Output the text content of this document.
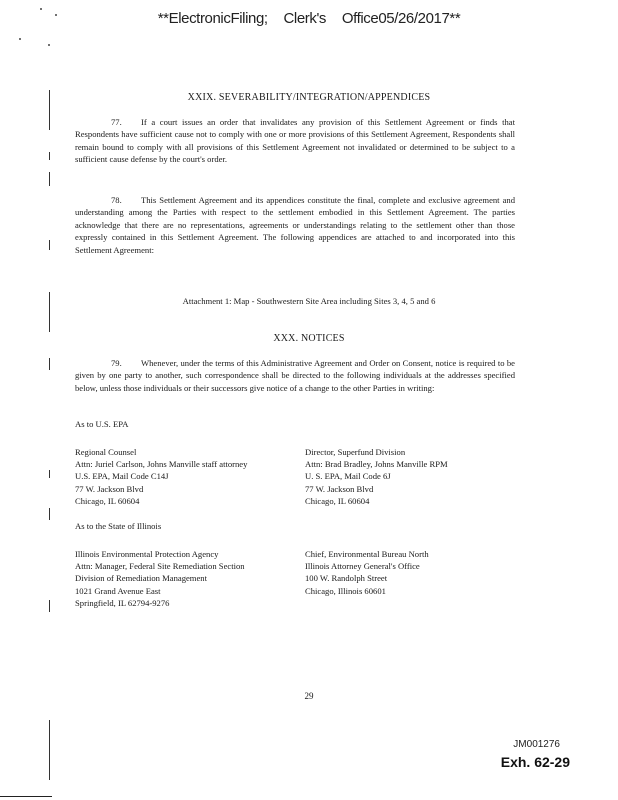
**ElectronicFiling; Clerk's Office05/26/2017**
XXIX. SEVERABILITY/INTEGRATION/APPENDICES
77. If a court issues an order that invalidates any provision of this Settlement Agreement or finds that Respondents have sufficient cause not to comply with one or more provisions of this Settlement Agreement, Respondents shall remain bound to comply with all provisions of this Settlement Agreement not invalidated or determined to be subject to a sufficient cause defense by the court's order.
78. This Settlement Agreement and its appendices constitute the final, complete and exclusive agreement and understanding among the Parties with respect to the settlement embodied in this Settlement Agreement. The parties acknowledge that there are no representations, agreements or understandings relating to the settlement other than those expressly contained in this Settlement Agreement. The following appendices are attached to and incorporated into this Settlement Agreement:
Attachment 1: Map - Southwestern Site Area including Sites 3, 4, 5 and 6
XXX. NOTICES
79. Whenever, under the terms of this Administrative Agreement and Order on Consent, notice is required to be given by one party to another, such correspondence shall be directed to the following individuals at the addresses specified below, unless those individuals or their successors give notice of a change to the other Parties in writing:
As to U.S. EPA
Regional Counsel
Attn: Juriel Carlson, Johns Manville staff attorney
U.S. EPA, Mail Code C14J
77 W. Jackson Blvd
Chicago, IL 60604
Director, Superfund Division
Attn: Brad Bradley, Johns Manville RPM
U. S. EPA, Mail Code 6J
77 W. Jackson Blvd
Chicago, IL 60604
As to the State of Illinois
Illinois Environmental Protection Agency
Attn: Manager, Federal Site Remediation Section
Division of Remediation Management
1021 Grand Avenue East
Springfield, IL 62794-9276
Chief, Environmental Bureau North
Illinois Attorney General's Office
100 W. Randolph Street
Chicago, Illinois 60601
29
JM001276
Exh. 62-29
